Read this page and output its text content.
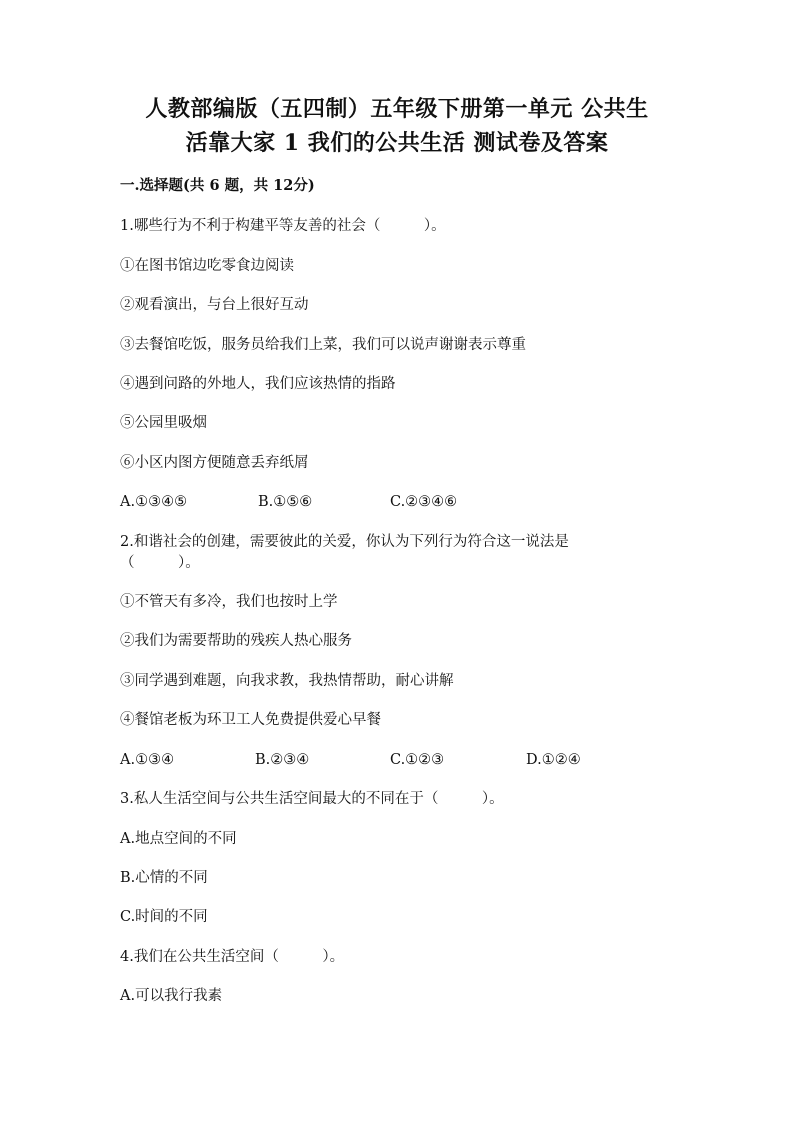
人教部编版（五四制）五年级下册第一单元 公共生
活靠大家 1 我们的公共生活 测试卷及答案
一.选择题(共 6 题，共 12分)
1.哪些行为不利于构建平等友善的社会（　　　）。
①在图书馆边吃零食边阅读
②观看演出，与台上很好互动
③去餐馆吃饭，服务员给我们上菜，我们可以说声谢谢表示尊重
④遇到问路的外地人，我们应该热情的指路
⑤公园里吸烟
⑥小区内图方便随意丢弃纸屑
A.①③④⑤	B.①⑤⑥	C.②③④⑥
2.和谐社会的创建，需要彼此的关爱，你认为下列行为符合这一说法是
（　　　）。
①不管天有多冷，我们也按时上学
②我们为需要帮助的残疾人热心服务
③同学遇到难题，向我求教，我热情帮助，耐心讲解
④餐馆老板为环卫工人免费提供爱心早餐
A.①③④	B.②③④	C.①②③	D.①②④
3.私人生活空间与公共生活空间最大的不同在于（　　　）。
A.地点空间的不同
B.心情的不同
C.时间的不同
4.我们在公共生活空间（　　　）。
A.可以我行我素
